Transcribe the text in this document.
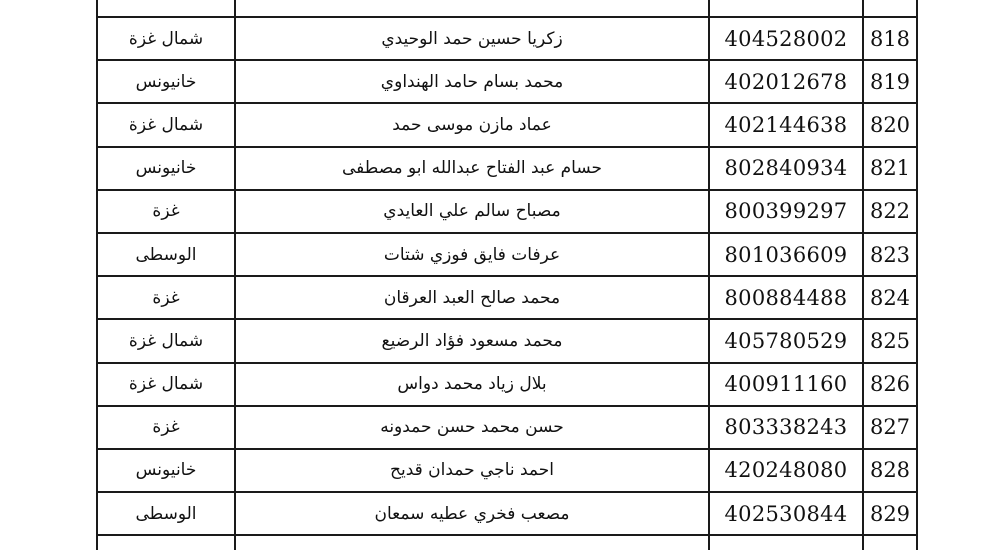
شمال غزة	زكريا حسين حمد الوحيدي	404528002	818
خانيونس	محمد بسام حامد الهنداوي	402012678	819
شمال غزة	عماد مازن موسى حمد	402144638	820
خانيونس	حسام عبد الفتاح عبدالله ابو مصطفى	802840934	821
غزة	مصباح سالم علي العايدي	800399297	822
الوسطى	عرفات فايق فوزي شتات	801036609	823
غزة	محمد صالح العبد العرقان	800884488	824
شمال غزة	محمد مسعود فؤاد الرضيع	405780529	825
شمال غزة	بلال زياد محمد دواس	400911160	826
غزة	حسن محمد حسن حمدونه	803338243	827
خانيونس	احمد ناجي حمدان قديح	420248080	828
الوسطى	مصعب فخري عطيه سمعان	402530844	829
